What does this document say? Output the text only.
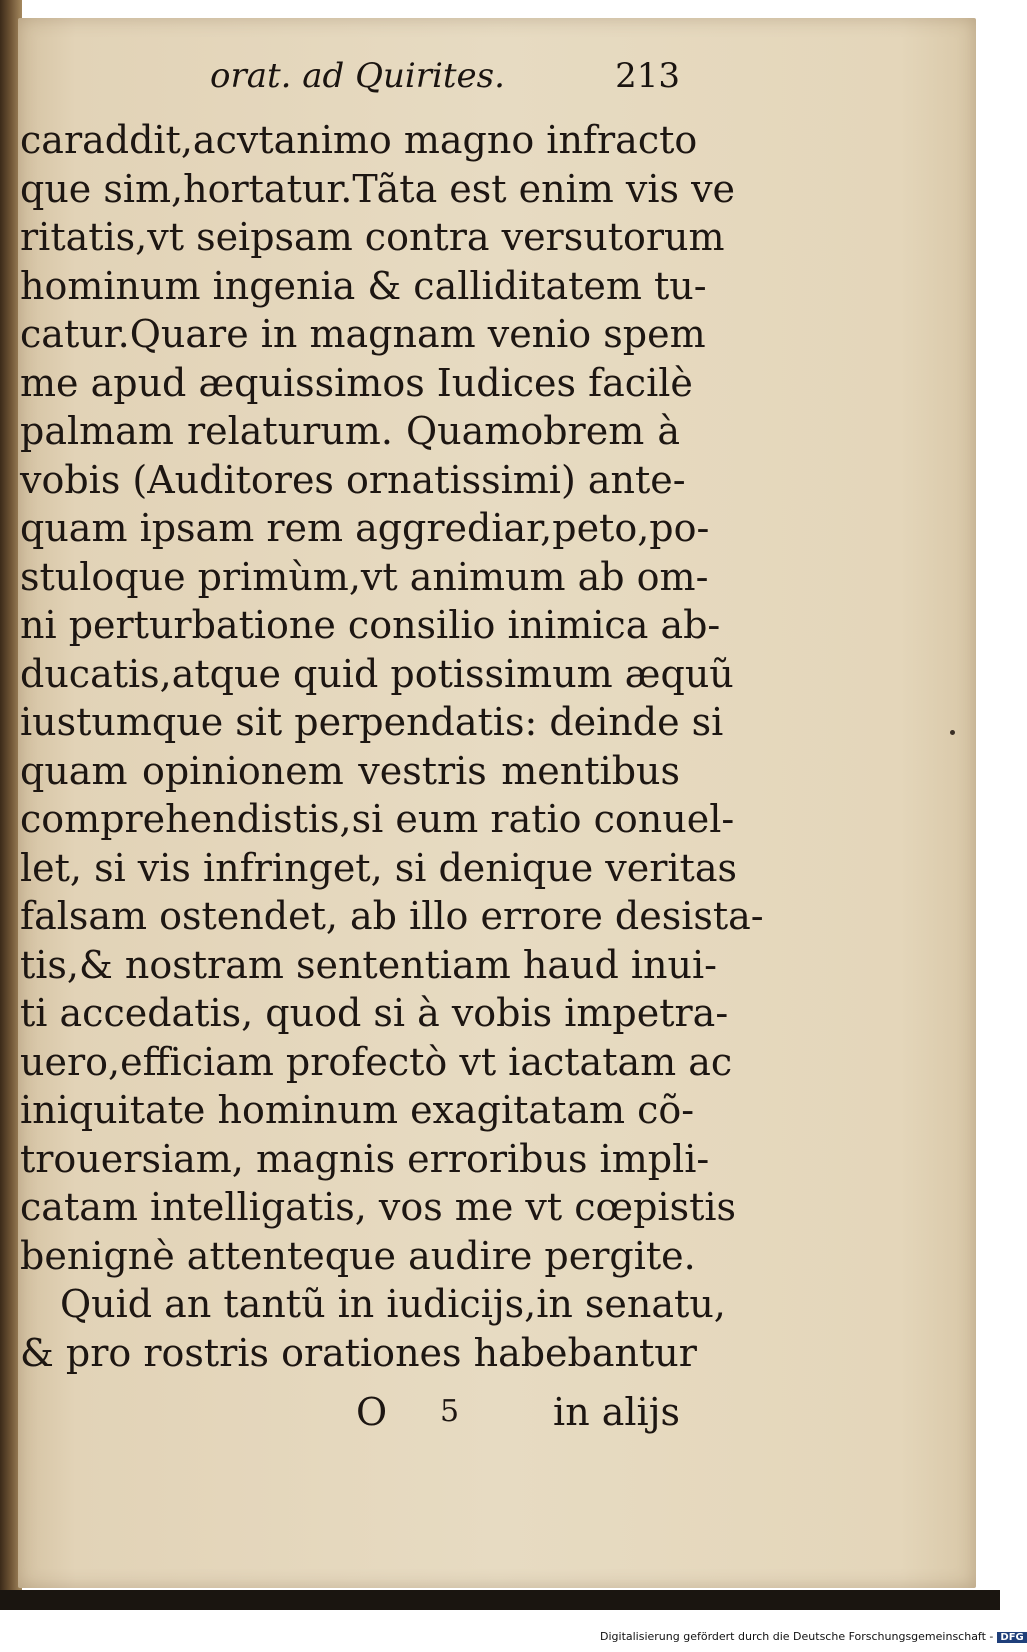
orat. ad Quirites.	213
caraddit,acvtanimo magno infracto
que sim,hortatur.Tãta est enim vis ve
ritatis,vt seipsam contra versutorum
hominum ingenia & calliditatem tu-
catur.Quare in magnam venio spem
me apud æquissimos Iudices facilè
palmam relaturum. Quamobrem à
vobis (Auditores ornatissimi) ante-
quam ipsam rem aggrediar,peto,po-
stuloque primùm,vt animum ab om-
ni perturbatione consilio inimica ab-
ducatis,atque quid potissimum æquũ
iustumque sit perpendatis: deinde si
quam opinionem vestris mentibus
comprehendistis,si eum ratio conuel-
let, si vis infringet, si denique veritas
falsam ostendet, ab illo errore desista-
tis,& nostram sententiam haud inui-
ti accedatis, quod si à vobis impetra-
uero,efficiam profectò vt iactatam ac
iniquitate hominum exagitatam cõ-
trouersiam, magnis erroribus impli-
catam intelligatis, vos me vt cœpistis
benignè attenteque audire pergite.
Quid an tantũ in iudicijs,in senatu,
& pro rostris orationes habebantur
O 5 in alijs
Digitalisierung gefördert durch die Deutsche Forschungsgemeinschaft - DFG
